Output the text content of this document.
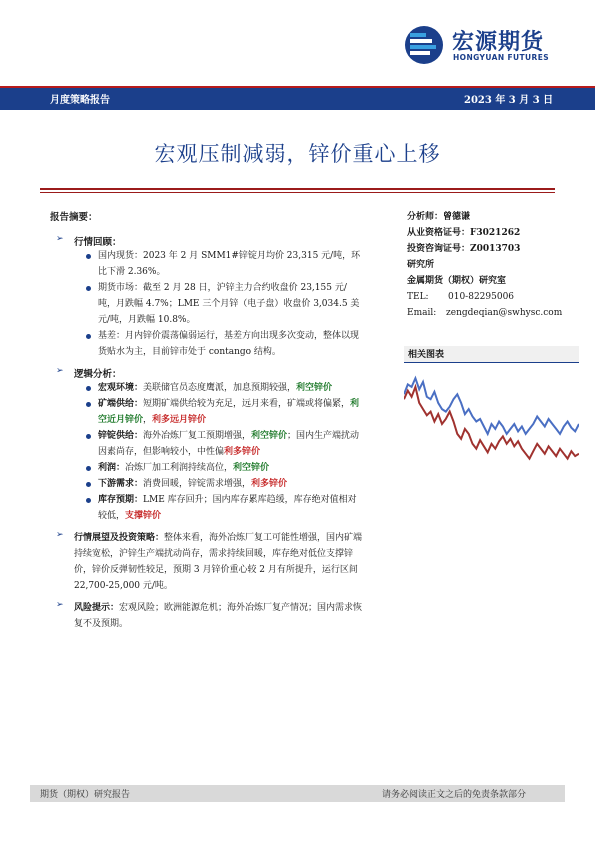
宏源期货
HONGYUAN FUTURES
月度策略报告	2023 年 3 月 3 日
宏观压制减弱，锌价重心上移
报告摘要：
➢ 行情回顾：
国内现货：2023 年 2 月 SMM1#锌锭月均价 23,315 元/吨，环比下滑 2.36%。
期货市场：截至 2 月 28 日，沪锌主力合约收盘价 23,155 元/吨，月跌幅 4.7%；LME 三个月锌（电子盘）收盘价 3,034.5 美元/吨，月跌幅 10.8%。
基差：月内锌价震荡偏弱运行，基差方向出现多次变动，整体以现货贴水为主，目前锌市处于 contango 结构。
➢ 逻辑分析：
宏观环境：美联储官员态度鹰派，加息预期较强，利空锌价
矿端供给：短期矿端供给较为充足，远月来看，矿端或将偏紧，利空近月锌价，利多远月锌价
锌锭供给：海外冶炼厂复工预期增强，利空锌价；国内生产端扰动因素尚存，但影响较小，中性偏利多锌价
利润：冶炼厂加工利润持续高位，利空锌价
下游需求：消费回暖，锌锭需求增强，利多锌价
库存预期：LME 库存回升；国内库存累库趋缓，库存绝对值相对较低，支撑锌价
➢ 行情展望及投资策略：整体来看，海外冶炼厂复工可能性增强，国内矿端持续宽松，沪锌生产端扰动尚存，需求持续回暖，库存绝对低位支撑锌价，锌价反弹韧性较足，预期 3 月锌价重心较 2 月有所提升，运行区间 22,700-25,000 元/吨。
➢ 风险提示：宏观风险；欧洲能源危机；海外冶炼厂复产情况；国内需求恢复不及预期。
分析师：曾德谦
从业资格证号：F3021262
投资咨询证号：Z0013703
研究所
金属期货（期权）研究室
TEL: 010-82295006
Email: zengdeqian@swhysc.com
相关图表
期货（期权）研究报告	请务必阅读正文之后的免责条款部分
